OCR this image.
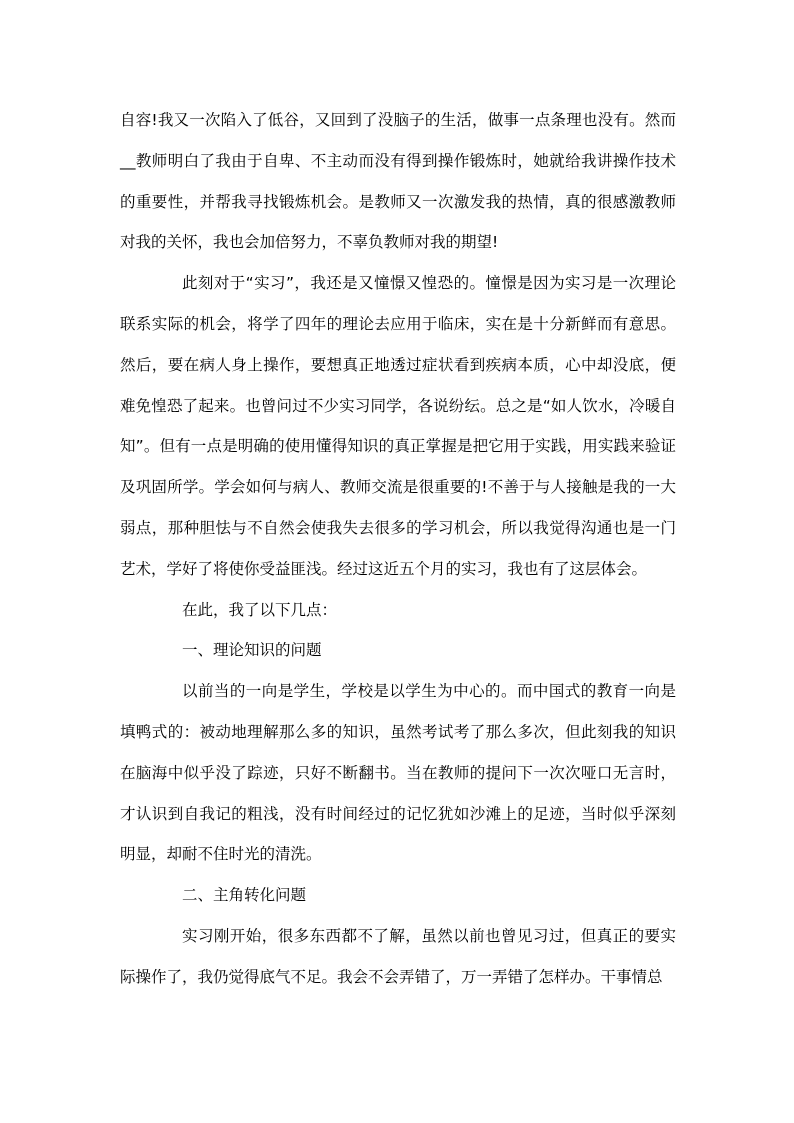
自容!我又一次陷入了低谷，又回到了没脑子的生活，做事一点条理也没有。然而__教师明白了我由于自卑、不主动而没有得到操作锻炼时，她就给我讲操作技术的重要性，并帮我寻找锻炼机会。是教师又一次激发我的热情，真的很感激教师对我的关怀，我也会加倍努力，不辜负教师对我的期望!

此刻对于“实习”，我还是又憧憬又惶恐的。憧憬是因为实习是一次理论联系实际的机会，将学了四年的理论去应用于临床，实在是十分新鲜而有意思。然后，要在病人身上操作，要想真正地透过症状看到疾病本质，心中却没底，便难免惶恐了起来。也曾问过不少实习同学，各说纷纭。总之是“如人饮水，冷暖自知”。但有一点是明确的使用懂得知识的真正掌握是把它用于实践，用实践来验证及巩固所学。学会如何与病人、教师交流是很重要的!不善于与人接触是我的一大弱点，那种胆怯与不自然会使我失去很多的学习机会，所以我觉得沟通也是一门艺术，学好了将使你受益匪浅。经过这近五个月的实习，我也有了这层体会。

在此，我了以下几点：

一、理论知识的问题

以前当的一向是学生，学校是以学生为中心的。而中国式的教育一向是填鸭式的：被动地理解那么多的知识，虽然考试考了那么多次，但此刻我的知识在脑海中似乎没了踪迹，只好不断翻书。当在教师的提问下一次次哑口无言时，才认识到自我记的粗浅，没有时间经过的记忆犹如沙滩上的足迹，当时似乎深刻明显，却耐不住时光的清洗。

二、主角转化问题

实习刚开始，很多东西都不了解，虽然以前也曾见习过，但真正的要实际操作了，我仍觉得底气不足。我会不会弄错了，万一弄错了怎样办。干事情总
